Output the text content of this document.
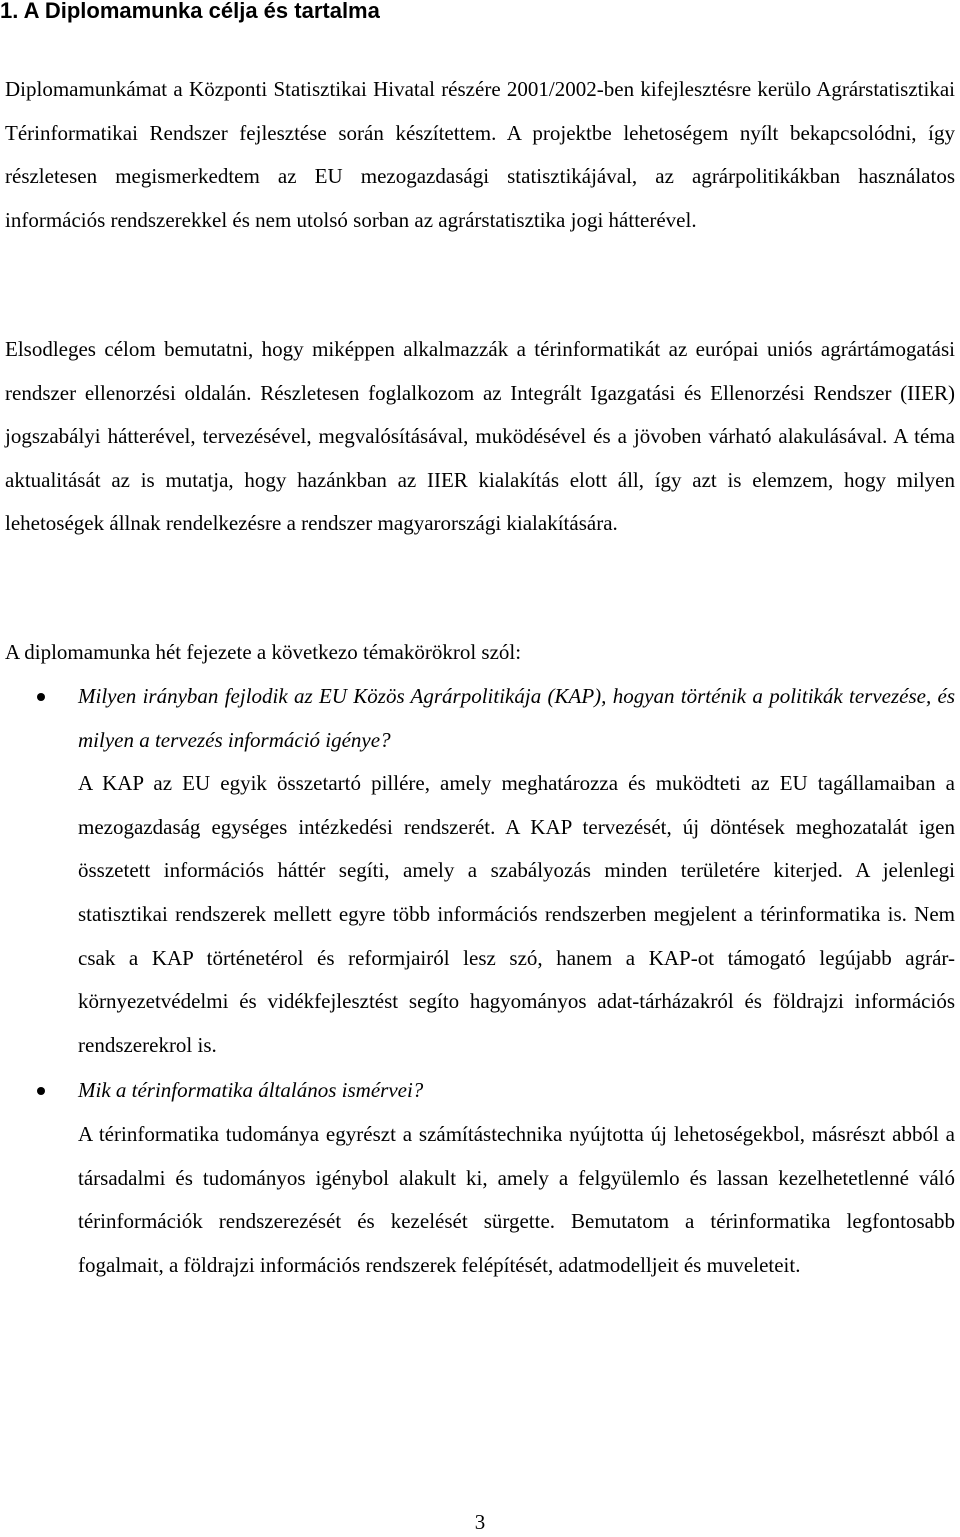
1. A Diplomamunka célja és tartalma

Diplomamunkámat a Központi Statisztikai Hivatal részére 2001/2002-ben kifejlesztésre kerülo Agrárstatisztikai Térinformatikai Rendszer fejlesztése során készítettem. A projektbe lehetoségem nyílt bekapcsolódni, így részletesen megismerkedtem az EU mezogazdasági statisztikájával, az agrárpolitikákban használatos információs rendszerekkel és nem utolsó sorban az agrárstatisztika jogi hátterével.

Elsodleges célom bemutatni, hogy miképpen alkalmazzák a térinformatikát az európai uniós agrártámogatási rendszer ellenorzési oldalán. Részletesen foglalkozom az Integrált Igazgatási és Ellenorzési Rendszer (IIER) jogszabályi hátterével, tervezésével, megvalósításával, muködésével és a jövoben várható alakulásával. A téma aktualitását az is mutatja, hogy hazánkban az IIER kialakítás elott áll, így azt is elemzem, hogy milyen lehetoségek állnak rendelkezésre a rendszer magyarországi kialakítására.

A diplomamunka hét fejezete a következo témakörökrol szól:

Milyen irányban fejlodik az EU Közös Agrárpolitikája (KAP), hogyan történik a politikák tervezése, és milyen a tervezés információ igénye?

A KAP az EU egyik összetartó pillére, amely meghatározza és muködteti az EU tagállamaiban a mezogazdaság egységes intézkedési rendszerét. A KAP tervezését, új döntések meghozatalát igen összetett információs háttér segíti, amely a szabályozás minden területére kiterjed. A jelenlegi statisztikai rendszerek mellett egyre több információs rendszerben megjelent a térinformatika is. Nem csak a KAP történetérol és reformjairól lesz szó, hanem a KAP-ot támogató legújabb agrár-környezetvédelmi és vidékfejlesztést segíto hagyományos adat-tárházakról és földrajzi információs rendszerekrol is.

Mik a térinformatika általános ismérvei?

A térinformatika tudománya egyrészt a számítástechnika nyújtotta új lehetoségekbol, másrészt abból a társadalmi és tudományos igénybol alakult ki, amely a felgyülemlo és lassan kezelhetetlenné váló térinformációk rendszerezését és kezelését sürgette. Bemutatom a térinformatika legfontosabb fogalmait, a földrajzi információs rendszerek felépítését, adatmodelljeit és muveleteit.

3
